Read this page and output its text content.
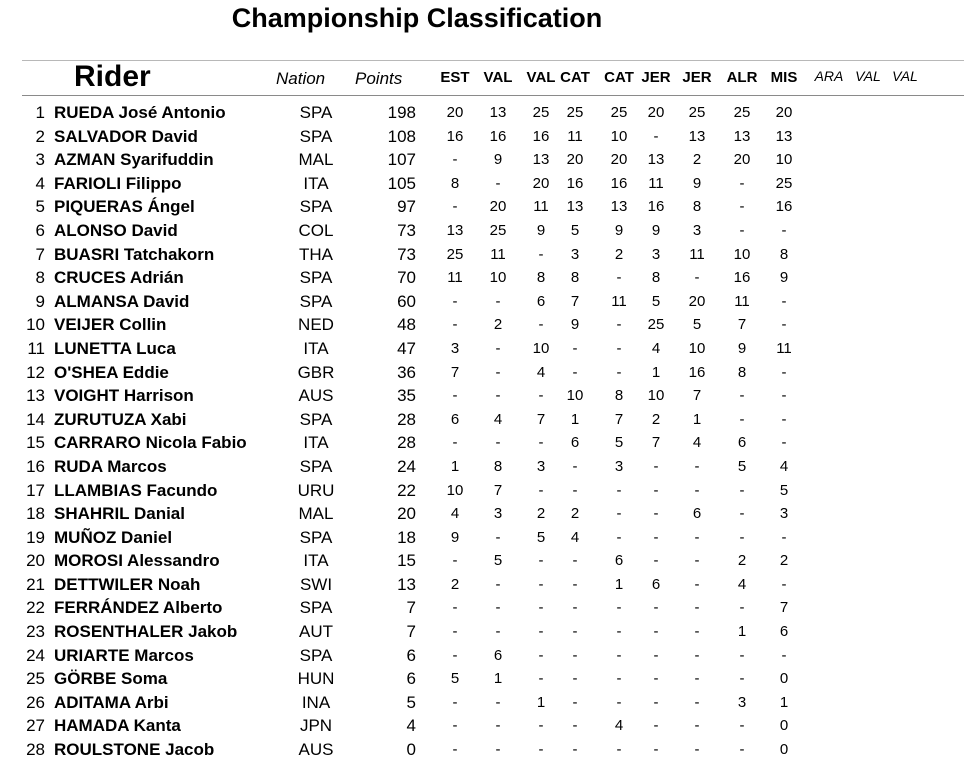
Championship Classification
Rider	Nation Points	EST VAL VAL CAT CAT JER JER ALR MIS	ARA VAL VAL
1 RUEDA José Antonio	SPA	198	20	13	25	25	25	20	25	25	20
2 SALVADOR David	SPA	108	16	16	16	11	10	-	13	13	13
3 AZMAN Syarifuddin	MAL	107	-	9	13	20	20	13	2	20	10
4 FARIOLI Filippo	ITA	105	8	-	20	16	16	11	9	-	25
5 PIQUERAS Ángel	SPA	97	-	20	11	13	13	16	8	-	16
6 ALONSO David	COL	73	13	25	9	5	9	9	3	-	-
7 BUASRI Tatchakorn	THA	73	25	11	-	3	2	3	11	10	8
8 CRUCES Adrián	SPA	70	11	10	8	8	-	8	-	16	9
9 ALMANSA David	SPA	60	-	-	6	7	11	5	20	11	-
10 VEIJER Collin	NED	48	-	2	-	9	-	25	5	7	-
11 LUNETTA Luca	ITA	47	3	-	10	-	-	4	10	9	11
12 O'SHEA Eddie	GBR	36	7	-	4	-	-	1	16	8	-
13 VOIGHT Harrison	AUS	35	-	-	-	10	8	10	7	-	-
14 ZURUTUZA Xabi	SPA	28	6	4	7	1	7	2	1	-	-
15 CARRARO Nicola Fabio	ITA	28	-	-	-	6	5	7	4	6	-
16 RUDA Marcos	SPA	24	1	8	3	-	3	-	-	5	4
17 LLAMBIAS Facundo	URU	22	10	7	-	-	-	-	-	-	5
18 SHAHRIL Danial	MAL	20	4	3	2	2	-	-	6	-	3
19 MUÑOZ Daniel	SPA	18	9	-	5	4	-	-	-	-	-
20 MOROSI Alessandro	ITA	15	-	5	-	-	6	-	-	2	2
21 DETTWILER Noah	SWI	13	2	-	-	-	1	6	-	4	-
22 FERRÁNDEZ Alberto	SPA	7	-	-	-	-	-	-	-	-	7
23 ROSENTHALER Jakob	AUT	7	-	-	-	-	-	-	-	1	6
24 URIARTE Marcos	SPA	6	-	6	-	-	-	-	-	-	-
25 GÖRBE Soma	HUN	6	5	1	-	-	-	-	-	-	0
26 ADITAMA Arbi	INA	5	-	-	1	-	-	-	-	3	1
27 HAMADA Kanta	JPN	4	-	-	-	-	4	-	-	-	0
28 ROULSTONE Jacob	AUS	0	-	-	-	-	-	-	-	-	0
